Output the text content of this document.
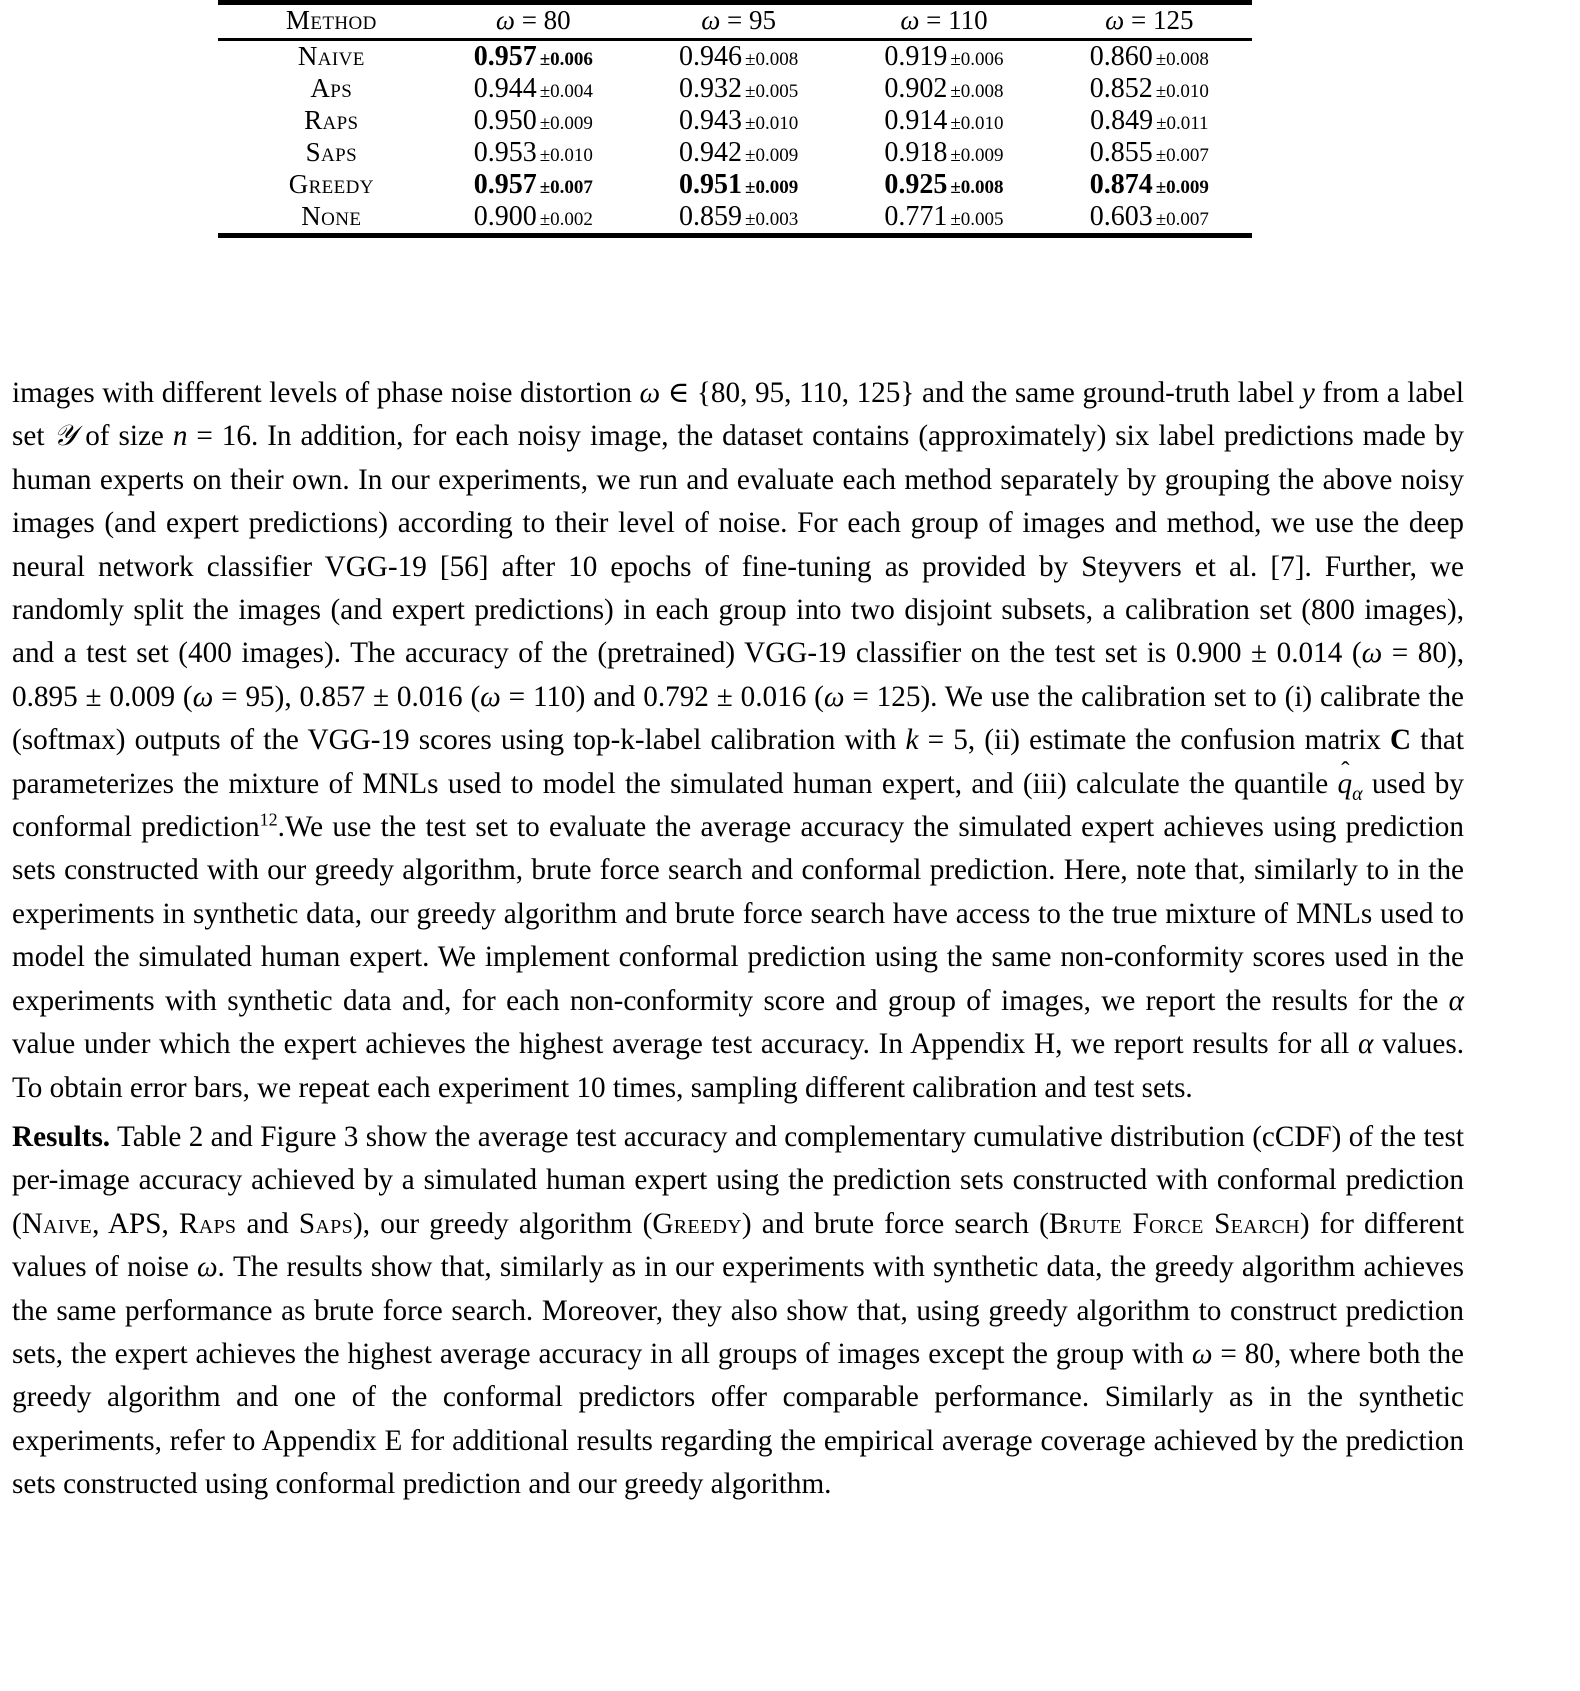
Method	ω = 80	ω = 95	ω = 110	ω = 125
Naive	0.957 ±0.006	0.946 ±0.008	0.919 ±0.006	0.860 ±0.008
Aps	0.944 ±0.004	0.932 ±0.005	0.902 ±0.008	0.852 ±0.010
Raps	0.950 ±0.009	0.943 ±0.010	0.914 ±0.010	0.849 ±0.011
Saps	0.953 ±0.010	0.942 ±0.009	0.918 ±0.009	0.855 ±0.007
Greedy	0.957 ±0.007	0.951 ±0.009	0.925 ±0.008	0.874 ±0.009
None	0.900 ±0.002	0.859 ±0.003	0.771 ±0.005	0.603 ±0.007

images with different levels of phase noise distortion ω ∈ {80, 95, 110, 125} and the same ground-truth label y from a label set 𝒴 of size n = 16. In addition, for each noisy image, the dataset contains (approximately) six label predictions made by human experts on their own. In our experiments, we run and evaluate each method separately by grouping the above noisy images (and expert predictions) according to their level of noise. For each group of images and method, we use the deep neural network classifier VGG-19 [56] after 10 epochs of fine-tuning as provided by Steyvers et al. [7]. Further, we randomly split the images (and expert predictions) in each group into two disjoint subsets, a calibration set (800 images), and a test set (400 images). The accuracy of the (pretrained) VGG-19 classifier on the test set is 0.900 ± 0.014 (ω = 80), 0.895 ± 0.009 (ω = 95), 0.857 ± 0.016 (ω = 110) and 0.792 ± 0.016 (ω = 125). We use the calibration set to (i) calibrate the (softmax) outputs of the VGG-19 scores using top-k-label calibration with k = 5, (ii) estimate the confusion matrix C that parameterizes the mixture of MNLs used to model the simulated human expert, and (iii) calculate the quantile
$q_\alpha$ used by conformal prediction$^{12}$.We use the test set to evaluate the average accuracy the simulated expert achieves using prediction sets constructed with our greedy algorithm, brute force search and conformal prediction. Here, note that, similarly to in the experiments in synthetic data, our greedy algorithm and brute force search have access to the true mixture of MNLs used to model the simulated human expert. We implement conformal prediction using the same non-conformity scores used in the experiments with synthetic data and, for each non-conformity score and group of images, we report the results for the α value under which the expert achieves the highest average test accuracy. In Appendix H, we report results for all α values. To obtain error bars, we repeat each experiment 10 times, sampling different calibration and test sets.

Results. Table 2 and Figure 3 show the average test accuracy and complementary cumulative distribution (cCDF) of the test per-image accuracy achieved by a simulated human expert using the prediction sets constructed with conformal prediction (Naive, APS, Raps and Saps), our greedy algorithm (Greedy) and brute force search (Brute Force Search) for different values of noise ω. The results show that, similarly as in our experiments with synthetic data, the greedy algorithm achieves the same performance as brute force search. Moreover, they also show that, using greedy algorithm to construct prediction sets, the expert achieves the highest average accuracy in all groups of images except the group with ω = 80, where both the greedy algorithm and one of the conformal predictors offer comparable performance. Similarly as in the synthetic experiments, refer to Appendix E for additional results regarding the empirical average coverage achieved by the prediction sets constructed using conformal prediction and our greedy algorithm.
